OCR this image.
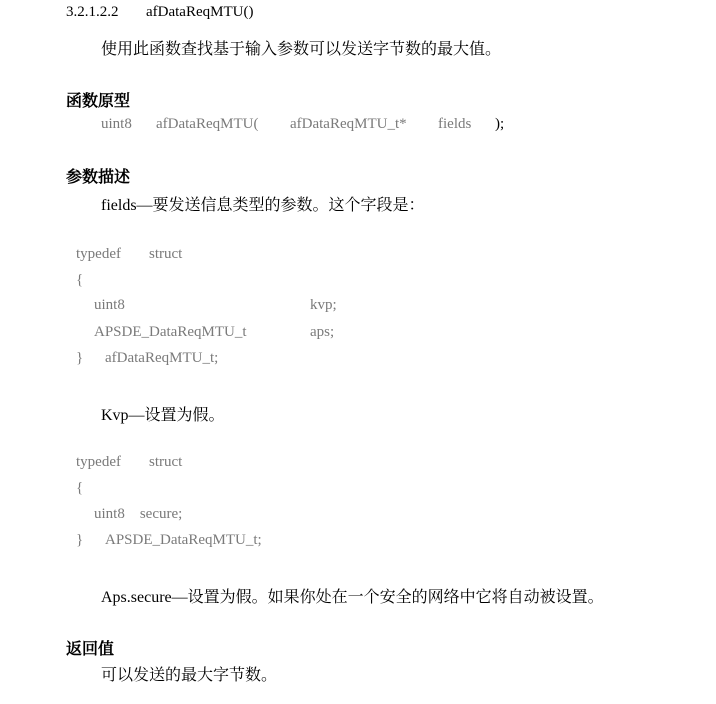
3.2.1.2.2 afDataReqMTU()
使用此函数查找基于输入参数可以发送字节数的最大值。
函数原型
uint8 afDataReqMTU( afDataReqMTU_t* fields );
参数描述
fields—要发送信息类型的参数。这个字段是：
typedef struct
{
uint8	kvp;
APSDE_DataReqMTU_t	aps;
} afDataReqMTU_t;
Kvp—设置为假。
typedef struct
{
uint8    secure;
} APSDE_DataReqMTU_t;
Aps.secure—设置为假。如果你处在一个安全的网络中它将自动被设置。
返回值
可以发送的最大字节数。
